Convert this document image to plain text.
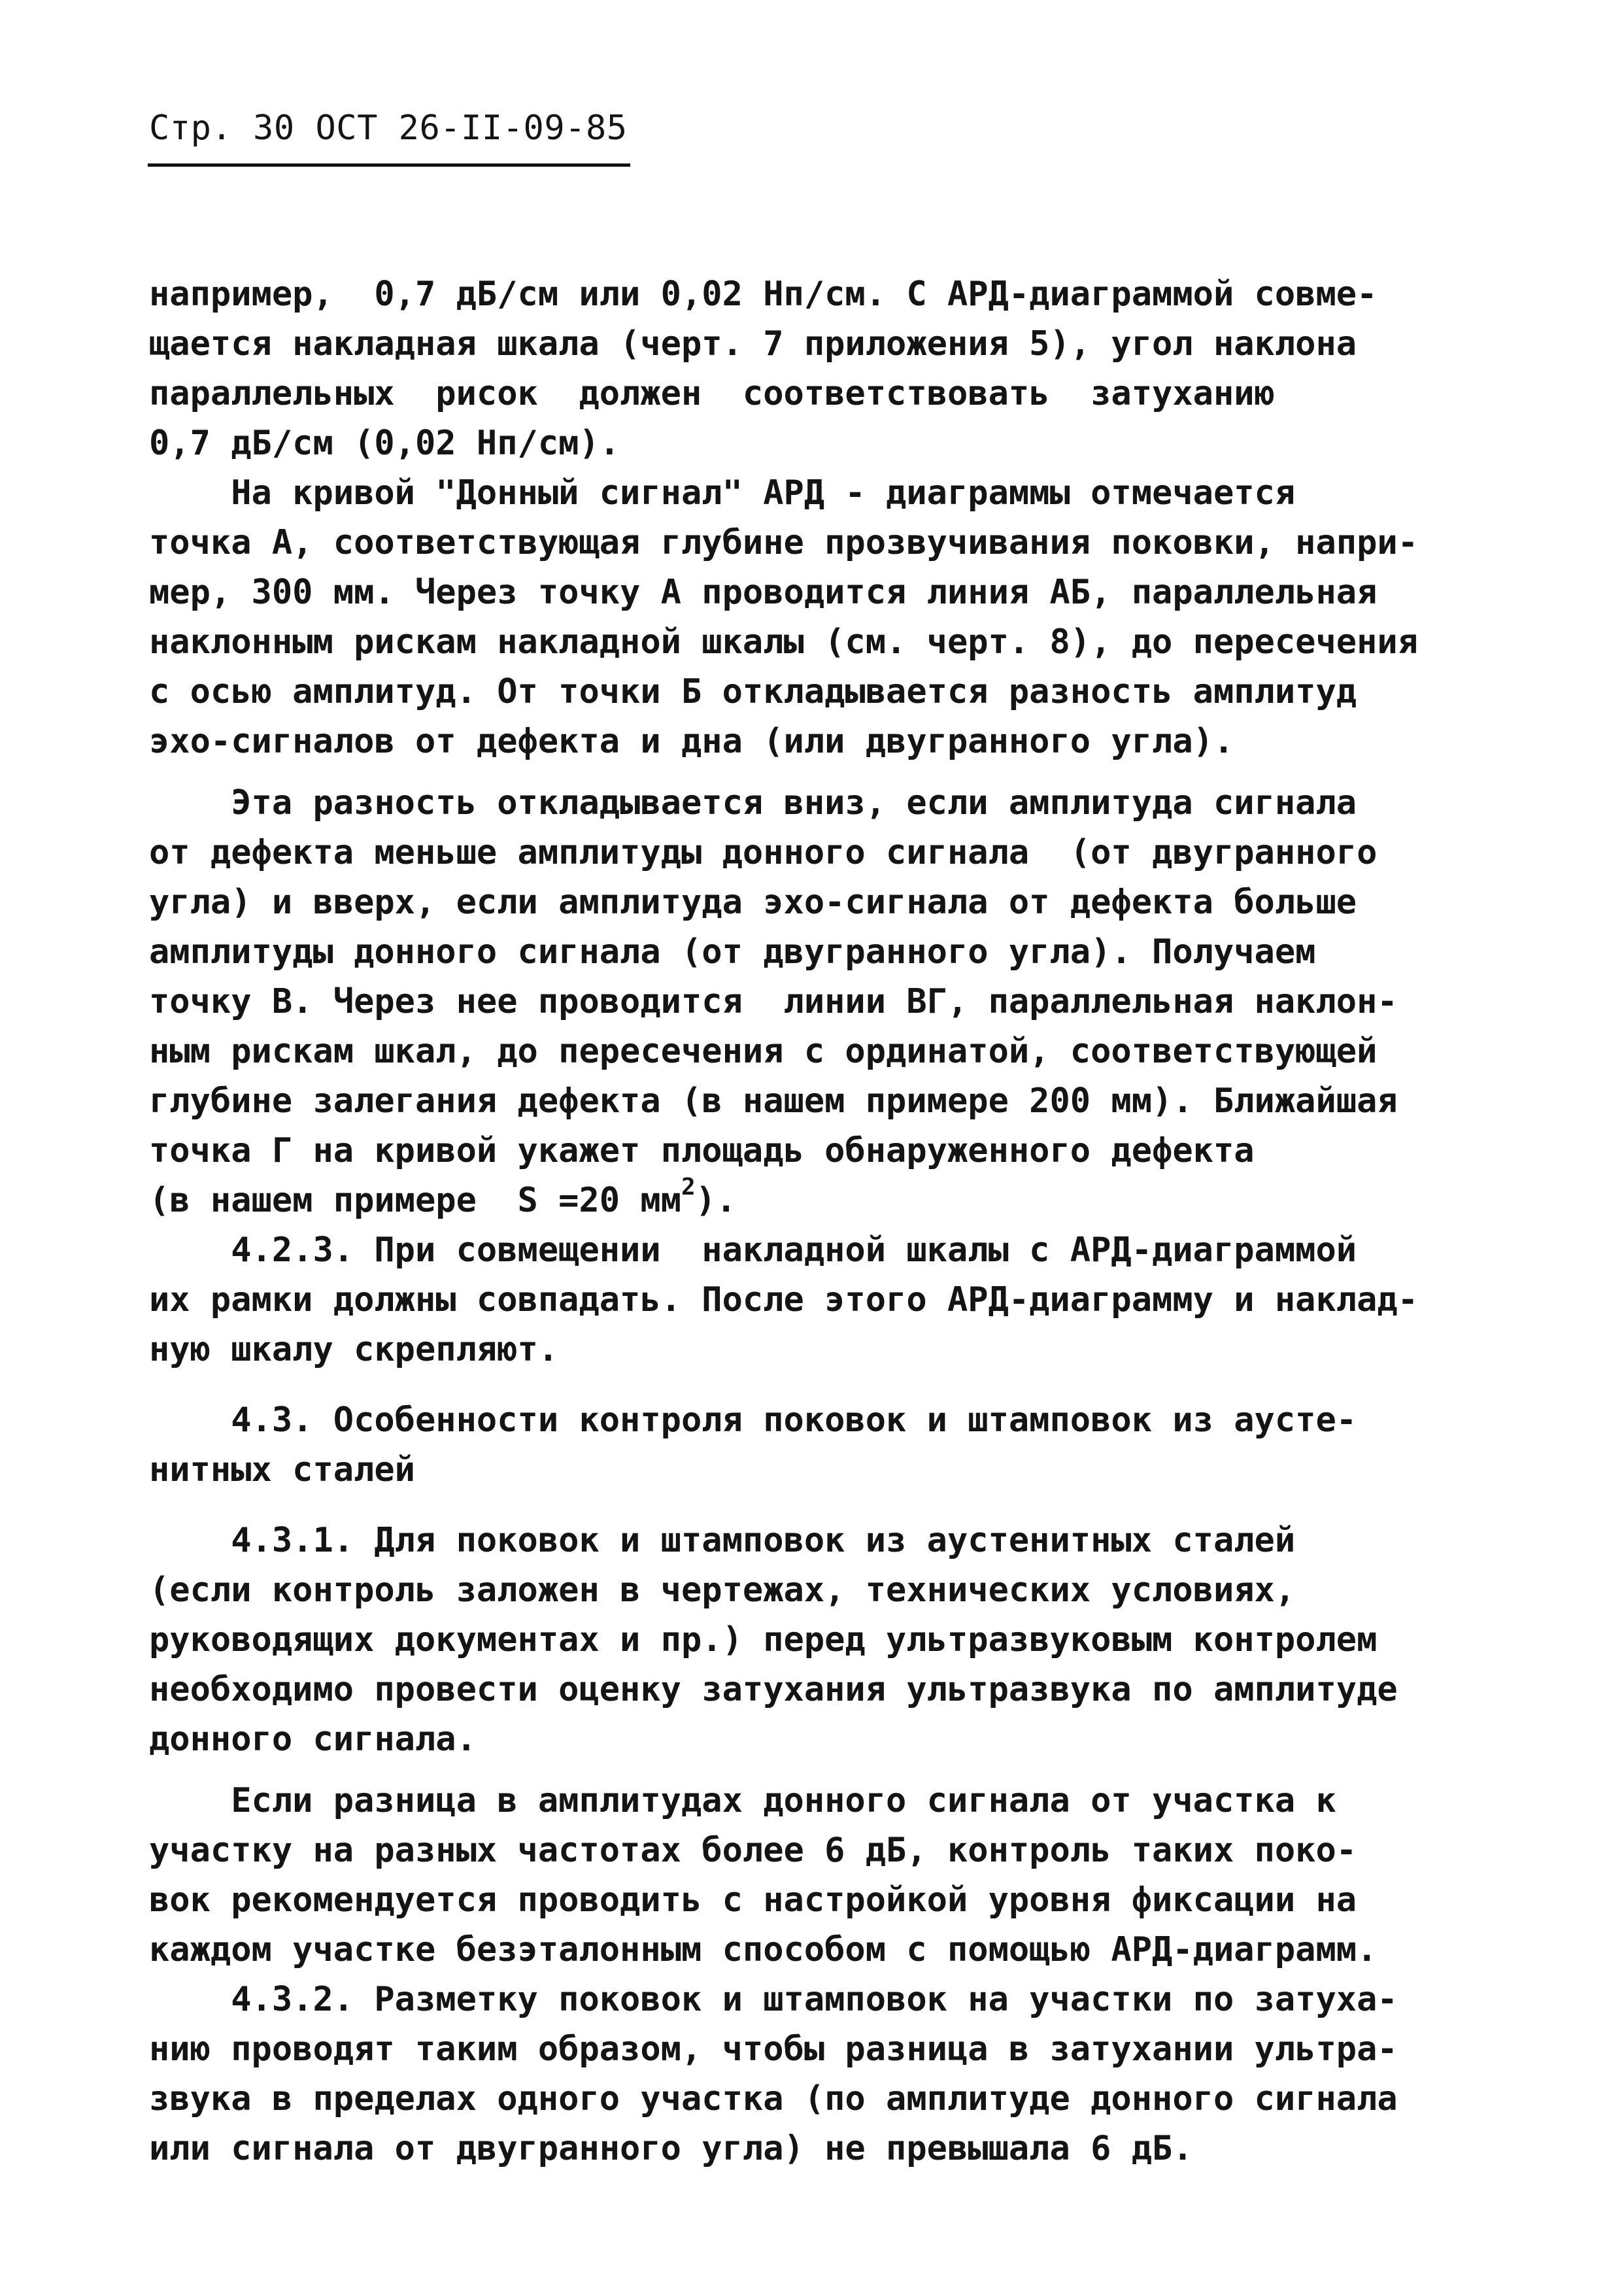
Стр. 30 ОСТ 26-II-09-85
например,  0,7 дБ/см или 0,02 Нп/см. С АРД-диаграммой совме-
щается накладная шкала (черт. 7 приложения 5), угол наклона
параллельных  рисок  должен  соответствовать  затуханию
0,7 дБ/см (0,02 Нп/см).
На кривой "Донный сигнал" АРД - диаграммы отмечается
точка А, соответствующая глубине прозвучивания поковки, напри-
мер, 300 мм. Через точку А проводится линия АБ, параллельная
наклонным рискам накладной шкалы (см. черт. 8), до пересечения
с осью амплитуд. От точки Б откладывается разность амплитуд
эхо-сигналов от дефекта и дна (или двугранного угла).
Эта разность откладывается вниз, если амплитуда сигнала
от дефекта меньше амплитуды донного сигнала  (от двугранного
угла) и вверх, если амплитуда эхо-сигнала от дефекта больше
амплитуды донного сигнала (от двугранного угла). Получаем
точку В. Через нее проводится  линии ВГ, параллельная наклон-
ным рискам шкал, до пересечения с ординатой, соответствующей
глубине залегания дефекта (в нашем примере 200 мм). Ближайшая
точка Г на кривой укажет площадь обнаруженного дефекта
(в нашем примере  S =20 $мм^2$).
4.2.3. При совмещении  накладной шкалы с АРД-диаграммой
их рамки должны совпадать. После этого АРД-диаграмму и наклад-
ную шкалу скрепляют.
4.3. Особенности контроля поковок и штамповок из аусте-
нитных сталей
4.3.1. Для поковок и штамповок из аустенитных сталей
(если контроль заложен в чертежах, технических условиях,
руководящих документах и пр.) перед ультразвуковым контролем
необходимо провести оценку затухания ультразвука по амплитуде
донного сигнала.
Если разница в амплитудах донного сигнала от участка к
участку на разных частотах более 6 дБ, контроль таких поко-
вок рекомендуется проводить с настройкой уровня фиксации на
каждом участке безэталонным способом с помощью АРД-диаграмм.
4.3.2. Разметку поковок и штамповок на участки по затуха-
нию проводят таким образом, чтобы разница в затухании ультра-
звука в пределах одного участка (по амплитуде донного сигнала
или сигнала от двугранного угла) не превышала 6 дБ.
